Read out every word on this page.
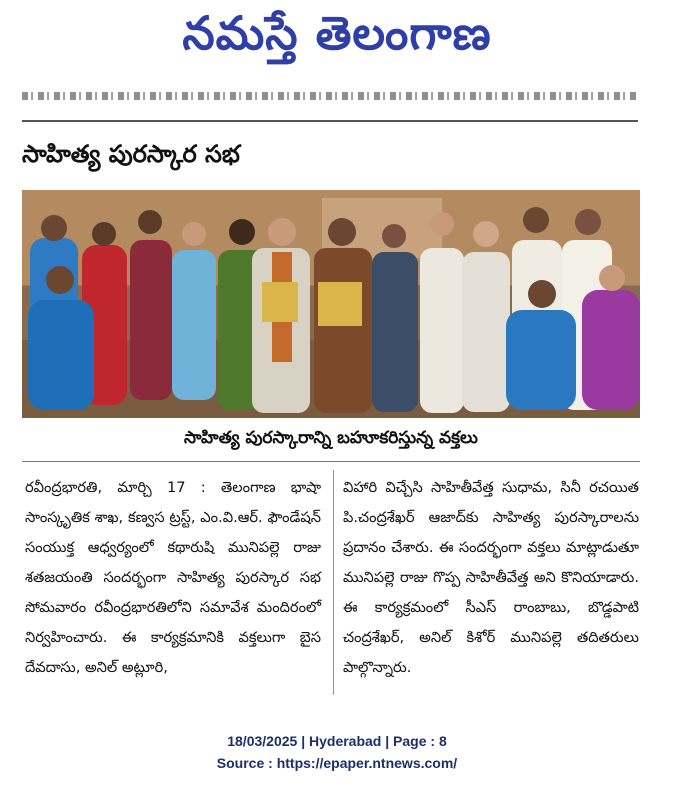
నమస్తే తెలంగాణ
సాహిత్య పురస్కార సభ
సాహిత్య పురస్కారాన్ని బహూకరిస్తున్న వక్తలు
రవీంద్రభారతి, మార్చి 17 : తెలంగాణ భాషా సాంస్కృతిక శాఖ, కణ్వస ట్రస్ట్, ఎం.వి.ఆర్. ఫౌండేషన్ సంయుక్త ఆధ్వర్యంలో కథారుషి మునిపల్లె రాజు శతజయంతి సందర్భంగా సాహిత్య పురస్కార సభ సోమవారం రవీంద్రభారతిలోని సమావేశ మందిరంలో నిర్వహించారు. ఈ కార్యక్రమానికి వక్తలుగా బైస దేవదాసు, అనిల్ అట్లూరి,
విహారి విచ్చేసి సాహితీవేత్త సుధామ, సినీ రచయిత పి.చంద్రశేఖర్ ఆజాద్‌కు సాహిత్య పురస్కారాలను ప్రదానం చేశారు. ఈ సందర్భంగా వక్తలు మాట్లాడుతూ మునిపల్లె రాజు గొప్ప సాహితీవేత్త అని కొనియాడారు. ఈ కార్యక్రమంలో సీఎస్ రాంబాబు, బొడ్డపాటి చంద్రశేఖర్, అనిల్ కిశోర్ మునిపల్లె తదితరులు పాల్గొన్నారు.
18/03/2025 | Hyderabad | Page : 8
Source : https://epaper.ntnews.com/
